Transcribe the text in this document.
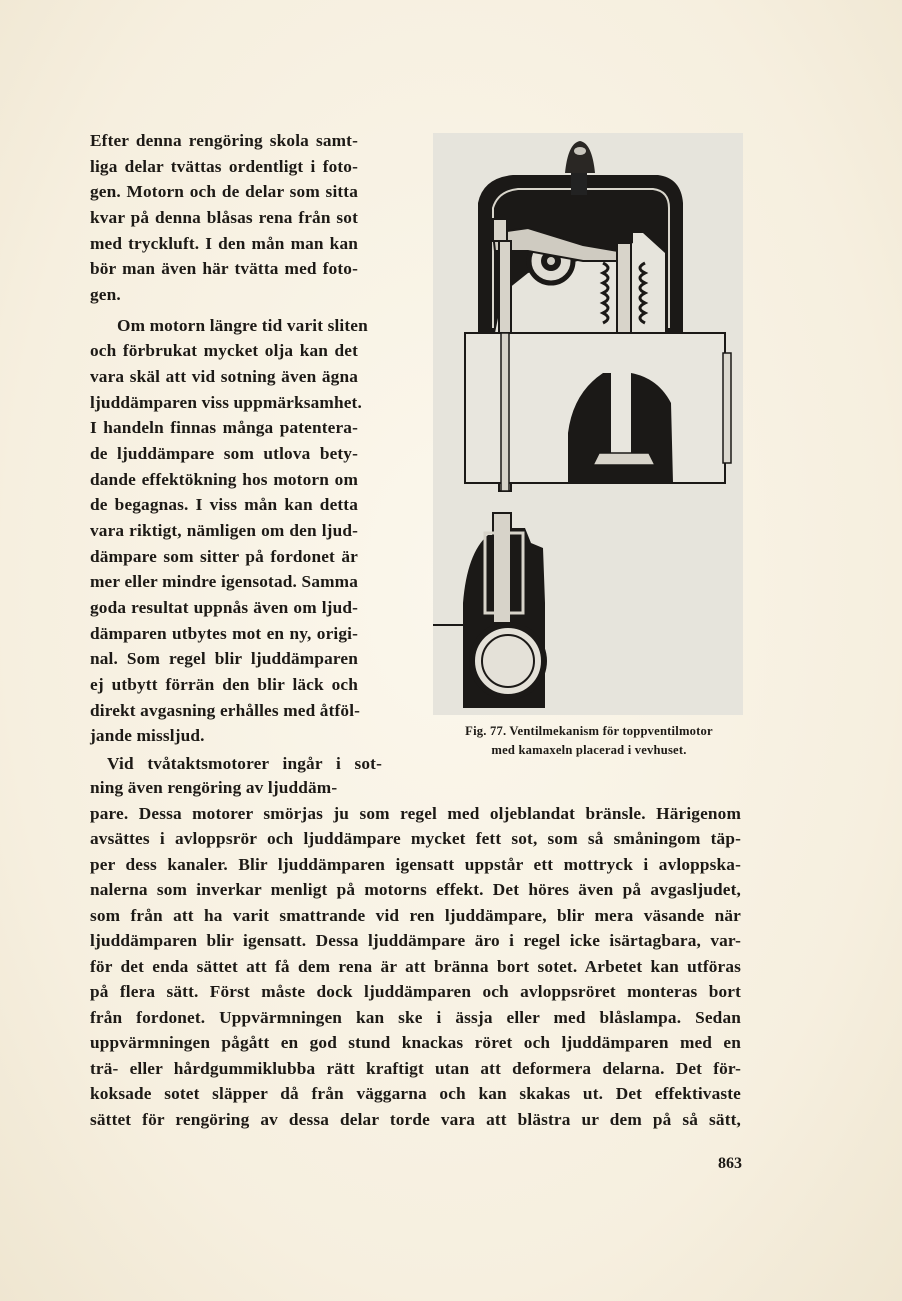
Efter denna rengöring skola samt-
liga delar tvättas ordentligt i foto-
gen. Motorn och de delar som sitta
kvar på denna blåsas rena från sot
med tryckluft. I den mån man kan
bör man även här tvätta med foto-
gen.
Om motorn längre tid varit sliten
och förbrukat mycket olja kan det
vara skäl att vid sotning även ägna
ljuddämparen viss uppmärksamhet.
I handeln finnas många patentera-
de ljuddämpare som utlova bety-
dande effektökning hos motorn om
de begagnas. I viss mån kan detta
vara riktigt, nämligen om den ljud-
dämpare som sitter på fordonet är
mer eller mindre igensotad. Samma
goda resultat uppnås även om ljud-
dämparen utbytes mot en ny, origi-
nal. Som regel blir ljuddämparen
ej utbytt förrän den blir läck och
direkt avgasning erhålles med åtföl-
jande missljud.
Vid tvåtaktsmotorer ingår i sot-
ning även rengöring av ljuddäm-
pare. Dessa motorer smörjas ju som regel med oljeblandat bränsle. Härigenom
avsättes i avloppsrör och ljuddämpare mycket fett sot, som så småningom täp-
per dess kanaler. Blir ljuddämparen igensatt uppstår ett mottryck i avloppska-
nalerna som inverkar menligt på motorns effekt. Det höres även på avgasljudet,
som från att ha varit smattrande vid ren ljuddämpare, blir mera väsande när
ljuddämparen blir igensatt. Dessa ljuddämpare äro i regel icke isärtagbara, var-
för det enda sättet att få dem rena är att bränna bort sotet. Arbetet kan utföras
på flera sätt. Först måste dock ljuddämparen och avloppsröret monteras bort
från fordonet. Uppvärmningen kan ske i ässja eller med blåslampa. Sedan
uppvärmningen pågått en god stund knackas röret och ljuddämparen med en
trä- eller hårdgummiklubba rätt kraftigt utan att deformera delarna. Det för-
koksade sotet släpper då från väggarna och kan skakas ut. Det effektivaste
sättet för rengöring av dessa delar torde vara att blästra ur dem på så sätt,
Fig. 77. Ventilmekanism för toppventilmotor
med kamaxeln placerad i vevhuset.
863
